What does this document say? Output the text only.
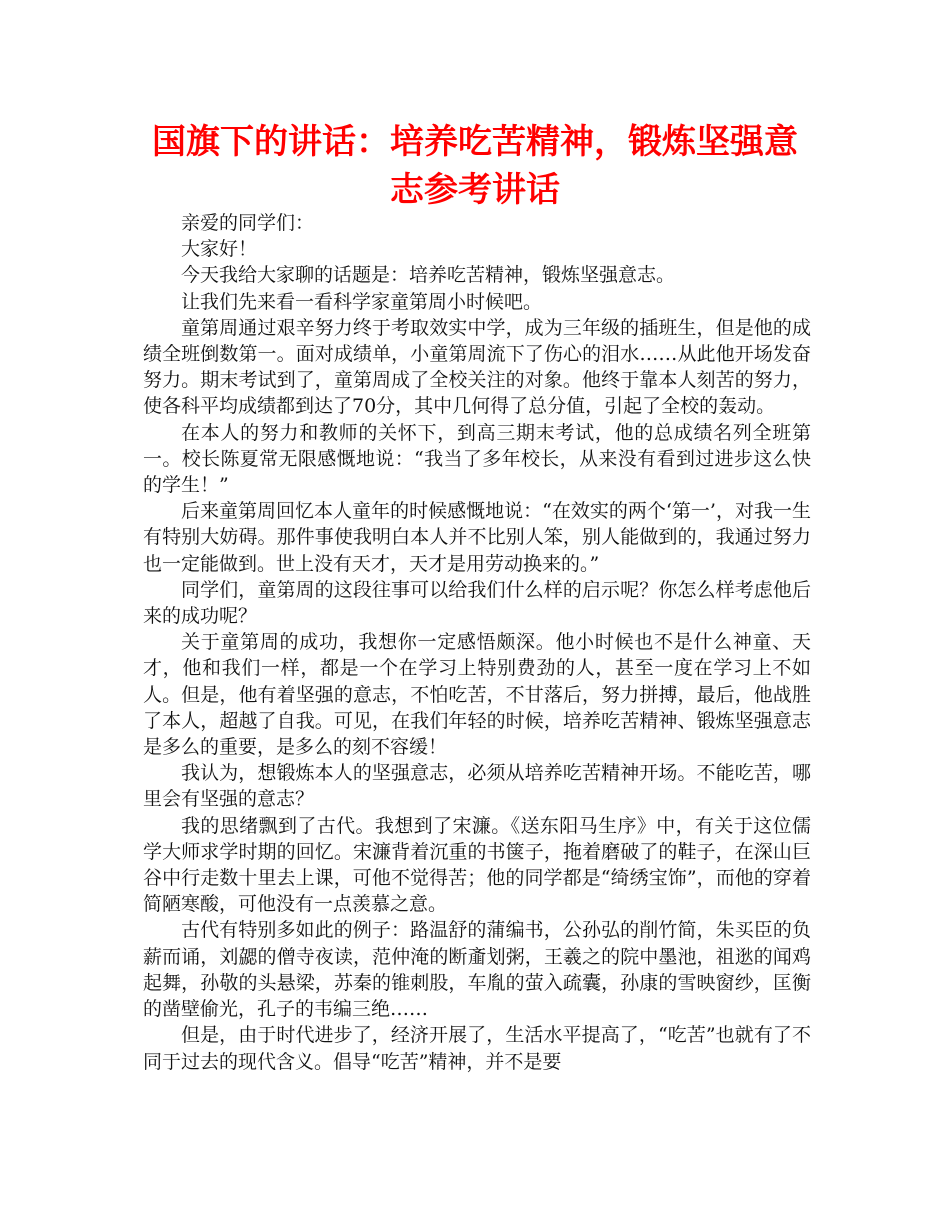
国旗下的讲话：培养吃苦精神，锻炼坚强意志参考讲话

亲爱的同学们：

大家好！

今天我给大家聊的话题是：培养吃苦精神，锻炼坚强意志。

让我们先来看一看科学家童第周小时候吧。

童第周通过艰辛努力终于考取效实中学，成为三年级的插班生，但是他的成绩全班倒数第一。面对成绩单，小童第周流下了伤心的泪水……从此他开场发奋努力。期末考试到了，童第周成了全校关注的对象。他终于靠本人刻苦的努力，使各科平均成绩都到达了70分，其中几何得了总分值，引起了全校的轰动。

在本人的努力和教师的关怀下，到高三期末考试，他的总成绩名列全班第一。校长陈夏常无限感慨地说：“我当了多年校长，从来没有看到过进步这么快的学生！”

后来童第周回忆本人童年的时候感慨地说：“在效实的两个‘第一’，对我一生有特别大妨碍。那件事使我明白本人并不比别人笨，别人能做到的，我通过努力也一定能做到。世上没有天才，天才是用劳动换来的。”

同学们，童第周的这段往事可以给我们什么样的启示呢？你怎么样考虑他后来的成功呢？

关于童第周的成功，我想你一定感悟颇深。他小时候也不是什么神童、天才，他和我们一样，都是一个在学习上特别费劲的人，甚至一度在学习上不如人。但是，他有着坚强的意志，不怕吃苦，不甘落后，努力拼搏，最后，他战胜了本人，超越了自我。可见，在我们年轻的时候，培养吃苦精神、锻炼坚强意志是多么的重要，是多么的刻不容缓！

我认为，想锻炼本人的坚强意志，必须从培养吃苦精神开场。不能吃苦，哪里会有坚强的意志？

我的思绪飘到了古代。我想到了宋濂。《送东阳马生序》中，有关于这位儒学大师求学时期的回忆。宋濂背着沉重的书箧子，拖着磨破了的鞋子，在深山巨谷中行走数十里去上课，可他不觉得苦；他的同学都是“绮绣宝饰”，而他的穿着简陋寒酸，可他没有一点羡慕之意。

古代有特别多如此的例子：路温舒的蒲编书，公孙弘的削竹简，朱买臣的负薪而诵，刘勰的僧寺夜读，范仲淹的断齑划粥，王羲之的院中墨池，祖逖的闻鸡起舞，孙敬的头悬梁，苏秦的锥刺股，车胤的萤入疏囊，孙康的雪映窗纱，匡衡的凿壁偷光，孔子的韦编三绝……

但是，由于时代进步了，经济开展了，生活水平提高了，“吃苦”也就有了不同于过去的现代含义。倡导“吃苦”精神，并不是要
